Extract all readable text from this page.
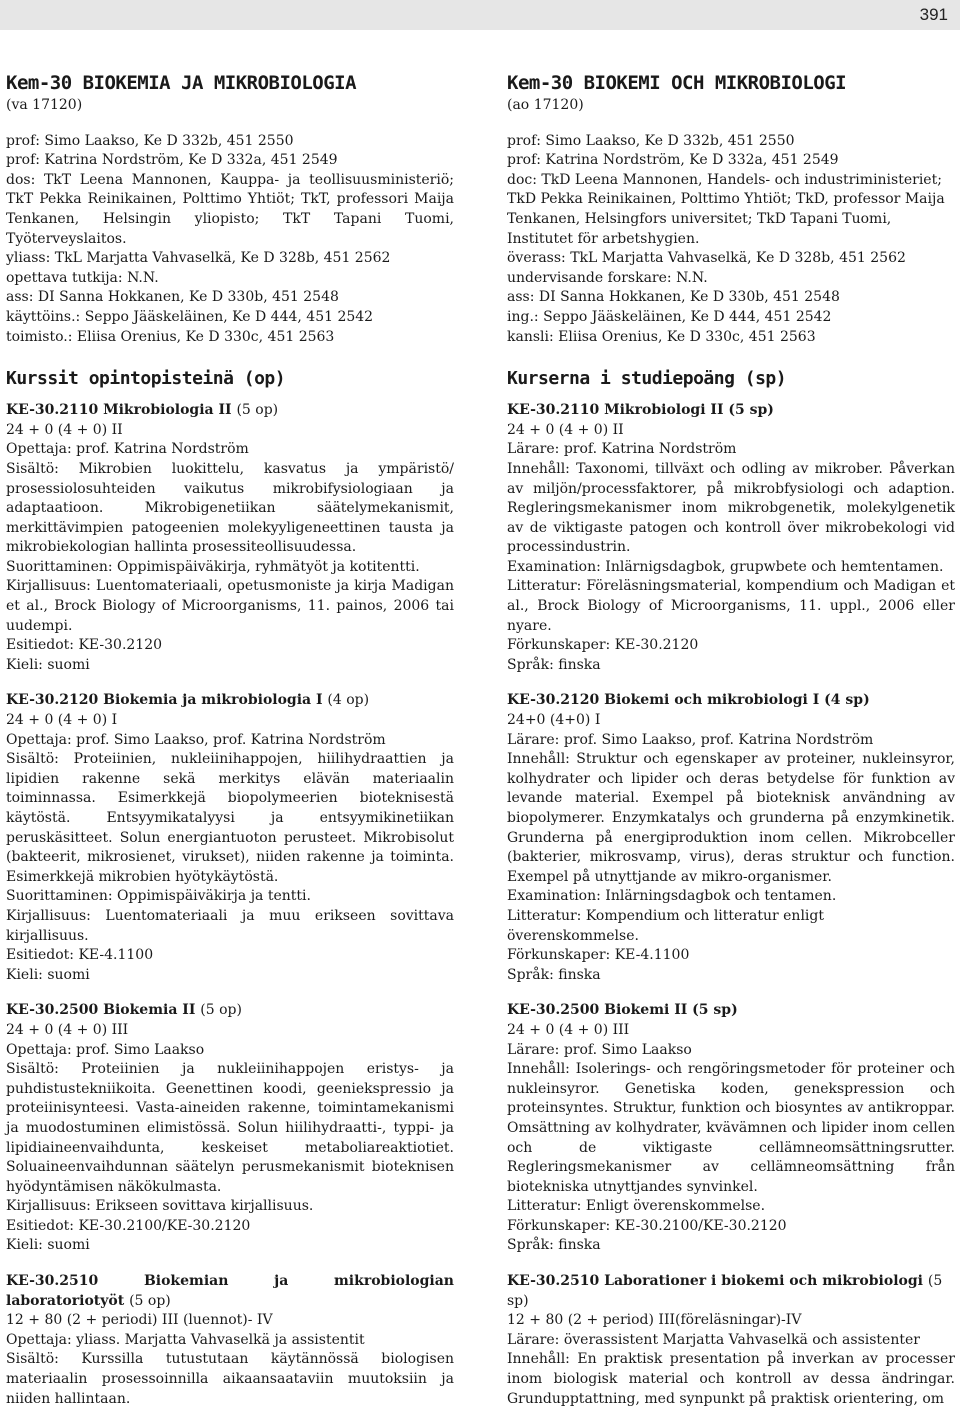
391
Kem-30 BIOKEMIA JA MIKROBIOLOGIA

(va 17120)

prof: Simo Laakso, Ke D 332b, 451 2550

prof: Katrina Nordström, Ke D 332a, 451 2549

dos: TkT Leena Mannonen, Kauppa- ja teollisuusministeriö; TkT Pekka Reinikainen, Polttimo Yhtiöt; TkT, professori Maija Tenkanen, Helsingin yliopisto; TkT Tapani Tuomi, Työterveyslaitos.

yliass: TkL Marjatta Vahvaselkä, Ke D 328b, 451 2562

opettava tutkija: N.N.

ass: DI Sanna Hokkanen, Ke D 330b, 451 2548

käyttöins.: Seppo Jääskeläinen, Ke D 444, 451 2542

toimisto.: Eliisa Orenius, Ke D 330c, 451 2563

Kurssit opintopisteinä (op)

KE-30.2110 Mikrobiologia II (5 op)

24 + 0 (4 + 0) II

Opettaja: prof. Katrina Nordström

Sisältö: Mikrobien luokittelu, kasvatus ja ympäristö/ prosessiolosuhteiden vaikutus mikrobifysiologiaan ja adaptaatioon. Mikrobigenetiikan säätelymekanismit, merkittävimpien patogeenien molekyyligeneettinen tausta ja mikrobiekologian hallinta prosessiteollisuudessa.

Suorittaminen: Oppimispäiväkirja, ryhmätyöt ja kotitentti.

Kirjallisuus: Luentomateriaali, opetusmoniste ja kirja Madigan et al., Brock Biology of Microorganisms, 11. painos, 2006 tai uudempi.

Esitiedot: KE-30.2120

Kieli: suomi

KE-30.2120 Biokemia ja mikrobiologia I (4 op)

24 + 0 (4 + 0) I

Opettaja: prof. Simo Laakso, prof. Katrina Nordström

Sisältö: Proteiinien, nukleiinihappojen, hiilihydraattien ja lipidien rakenne sekä merkitys elävän materiaalin toiminnassa. Esimerkkejä biopolymeerien bioteknisestä käytöstä. Entsyymikatalyysi ja entsyymikinetiikan peruskäsitteet. Solun energiantuoton perusteet. Mikrobisolut (bakteerit, mikrosienet, virukset), niiden rakenne ja toiminta. Esimerkkejä mikrobien hyötykäytöstä.

Suorittaminen: Oppimispäiväkirja ja tentti.

Kirjallisuus: Luentomateriaali ja muu erikseen sovittava kirjallisuus.

Esitiedot: KE-4.1100

Kieli: suomi

KE-30.2500 Biokemia II (5 op)

24 + 0 (4 + 0) III

Opettaja: prof. Simo Laakso

Sisältö: Proteiinien ja nukleiinihappojen eristys- ja puhdistustekniikoita. Geenettinen koodi, geeniekspressio ja proteiinisynteesi. Vasta-aineiden rakenne, toimintamekanismi ja muodostuminen elimistössä. Solun hiilihydraatti-, typpi- ja lipidiaineenvaihdunta, keskeiset metaboliareaktiotiet. Soluaineenvaihdunnan säätelyn perusmekanismit bioteknisen hyödyntämisen näkökulmasta.

Kirjallisuus: Erikseen sovittava kirjallisuus.

Esitiedot: KE-30.2100/KE-30.2120

Kieli: suomi

KE-30.2510 Biokemian ja mikrobiologian laboratoriotyöt (5 op)

12 + 80 (2 + periodi) III (luennot)- IV

Opettaja: yliass. Marjatta Vahvaselkä ja assistentit

Sisältö: Kurssilla tutustutaan käytännössä biologisen materiaalin prosessoinnilla aikaansaataviin muutoksiin ja niiden hallintaan.

Kem-30 BIOKEMI OCH MIKROBIOLOGI

(ao 17120)

prof: Simo Laakso, Ke D 332b, 451 2550

prof: Katrina Nordström, Ke D 332a, 451 2549

doc: TkD Leena Mannonen, Handels- och industriministeriet; TkD Pekka Reinikainen, Polttimo Yhtiöt; TkD, professor Maija Tenkanen, Helsingfors universitet; TkD Tapani Tuomi, Institutet för arbetshygien.

överass: TkL Marjatta Vahvaselkä, Ke D 328b, 451 2562

undervisande forskare: N.N.

ass: DI Sanna Hokkanen, Ke D 330b, 451 2548

ing.: Seppo Jääskeläinen, Ke D 444, 451 2542

kansli: Eliisa Orenius, Ke D 330c, 451 2563

Kurserna i studiepoäng (sp)

KE-30.2110 Mikrobiologi II (5 sp)

24 + 0 (4 + 0) II

Lärare: prof. Katrina Nordström

Innehåll: Taxonomi, tillväxt och odling av mikrober. Påverkan av miljön/processfaktorer, på mikrobfysiologi och adaption. Regleringsmekanismer inom mikrobgenetik, molekylgenetik av de viktigaste patogen och kontroll över mikrobekologi vid processindustrin.

Examination: Inlärnigsdagbok, grupwbete och hemtentamen.

Litteratur: Föreläsningsmaterial, kompendium och Madigan et al., Brock Biology of Microorganisms, 11. uppl., 2006 eller nyare.

Förkunskaper: KE-30.2120

Språk: finska

KE-30.2120 Biokemi och mikrobiologi I (4 sp)

24+0 (4+0) I

Lärare: prof. Simo Laakso, prof. Katrina Nordström

Innehåll: Struktur och egenskaper av proteiner, nukleinsyror, kolhydrater och lipider och deras betydelse för funktion av levande material. Exempel på bioteknisk användning av biopolymerer. Enzymkatalys och grunderna på enzymkinetik. Grunderna på energiproduktion inom cellen. Mikrobceller (bakterier, mikrosvamp, virus), deras struktur och function. Exempel på utnyttjande av mikro-organismer.

Examination: Inlärningsdagbok och tentamen.

Litteratur: Kompendium och litteratur enligt överenskommelse.

Förkunskaper: KE-4.1100

Språk: finska

KE-30.2500 Biokemi II (5 sp)

24 + 0 (4 + 0) III

Lärare: prof. Simo Laakso

Innehåll: Isolerings- och rengöringsmetoder för proteiner och nukleinsyror. Genetiska koden, genekspression och proteinsyntes. Struktur, funktion och biosyntes av antikroppar. Omsättning av kolhydrater, kvävämnen och lipider inom cellen och de viktigaste cellämneomsättningsrutter. Regleringsmekanismer av cellämneomsättning från biotekniska utnyttjandes synvinkel.

Litteratur: Enligt överenskommelse.

Förkunskaper: KE-30.2100/KE-30.2120

Språk: finska

KE-30.2510 Laborationer i biokemi och mikrobiologi (5 sp)

12 + 80 (2 + period) III(föreläsningar)-IV

Lärare: överassistent Marjatta Vahvaselkä och assistenter

Innehåll: En praktisk presentation på inverkan av processer inom biologisk material och kontroll av dessa ändringar. Grundupptattning, med synpunkt på praktisk orientering, om
